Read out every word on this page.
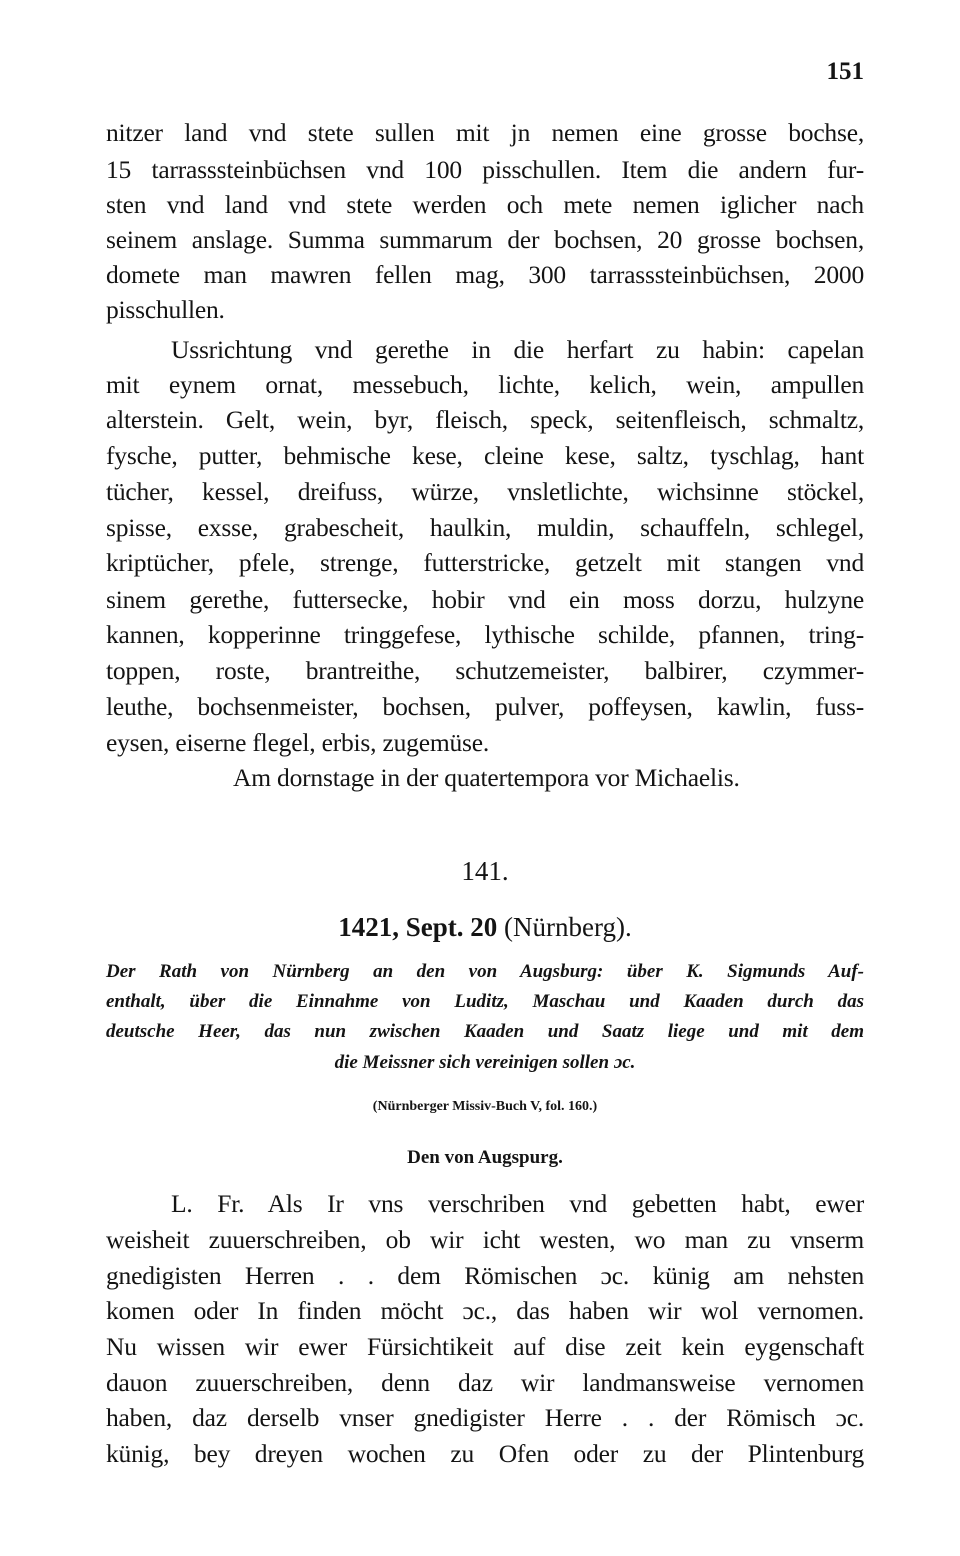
151
nitzer land vnd stete sullen mit jn nemen eine grosse bochse,
15 tarrasssteinbüchsen vnd 100 pisschullen. Item die andern fur-
sten vnd land vnd stete werden och mete nemen iglicher nach
seinem anslage. Summa summarum der bochsen, 20 grosse bochsen,
domete man mawren fellen mag, 300 tarrasssteinbüchsen, 2000
pisschullen.
Ussrichtung vnd gerethe in die herfart zu habin: capelan
mit eynem ornat, messebuch, lichte, kelich, wein, ampullen
alterstein. Gelt, wein, byr, fleisch, speck, seitenfleisch, schmaltz,
fysche, putter, behmische kese, cleine kese, saltz, tyschlag, hant
tücher, kessel, dreifuss, würze, vnsletlichte, wichsinne stöckel,
spisse, exsse, grabescheit, haulkin, muldin, schauffeln, schlegel,
kriptücher, pfele, strenge, futterstricke, getzelt mit stangen vnd
sinem gerethe, futtersecke, hobir vnd ein moss dorzu, hulzyne
kannen, kopperinne tringgefese, lythische schilde, pfannen, tring-
toppen, roste, brantreithe, schutzemeister, balbirer, czymmer-
leuthe, bochsenmeister, bochsen, pulver, poffeysen, kawlin, fuss-
eysen, eiserne flegel, erbis, zugemüse.
Am dornstage in der quatertempora vor Michaelis.
141.
1421, Sept. 20 (Nürnberg).
Der Rath von Nürnberg an den von Augsburg: über K. Sigmunds Auf-
enthalt, über die Einnahme von Luditz, Maschau und Kaaden durch das
deutsche Heer, das nun zwischen Kaaden und Saatz liege und mit dem
die Meissner sich vereinigen sollen ɔc.
(Nürnberger Missiv-Buch V, fol. 160.)
Den von Augspurg.
L. Fr. Als Ir vns verschriben vnd gebetten habt, ewer
weisheit zuuerschreiben, ob wir icht westen, wo man zu vnserm
gnedigisten Herren . . dem Römischen ɔc. künig am nehsten
komen oder In finden möcht ɔc., das haben wir wol vernomen.
Nu wissen wir ewer Fürsichtikeit auf dise zeit kein eygenschaft
dauon zuuerschreiben, denn daz wir landmansweise vernomen
haben, daz derselb vnser gnedigister Herre . . der Römisch ɔc.
künig, bey dreyen wochen zu Ofen oder zu der Plintenburg
